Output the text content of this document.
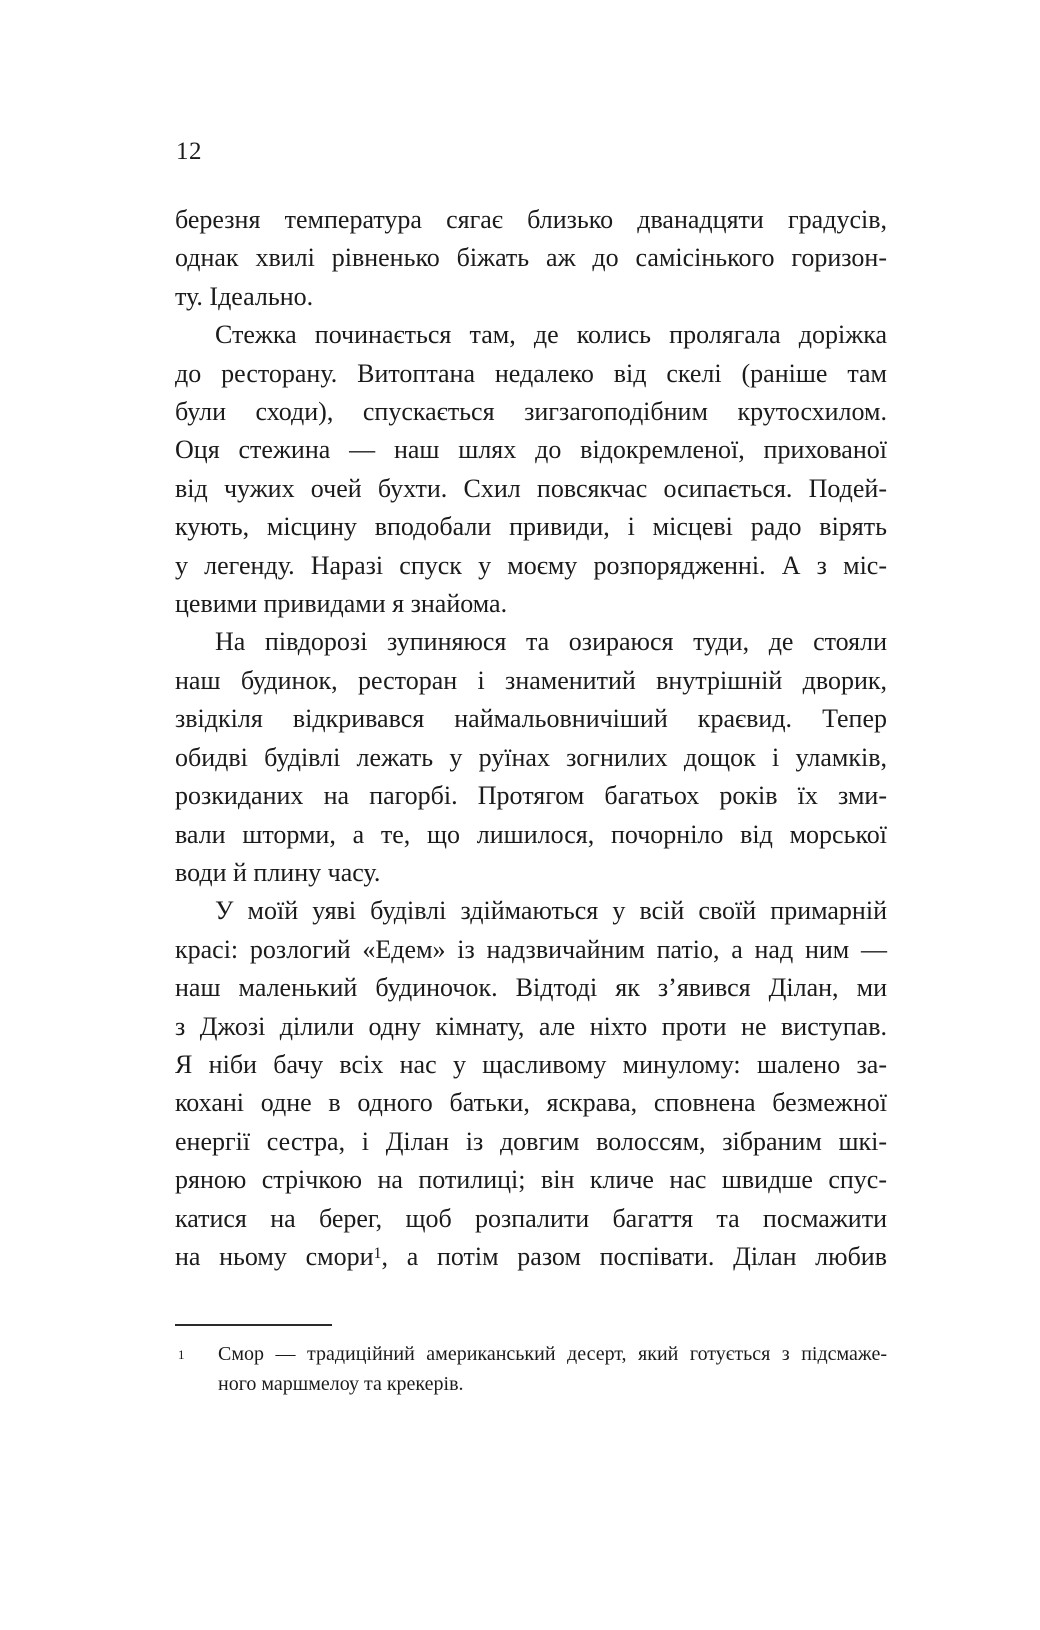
12
березня температура сягає близько дванадцяти градусів,
однак хвилі рівненько біжать аж до самісінького горизон-
ту. Ідеально.
Стежка починається там, де колись пролягала доріжка
до ресторану. Витоптана недалеко від скелі (раніше там
були сходи), спускається зигзагоподібним крутосхилом.
Оця стежина — наш шлях до відокремленої, прихованої
від чужих очей бухти. Схил повсякчас осипається. Подей-
кують, місцину вподобали привиди, і місцеві радо вірять
у легенду. Наразі спуск у моєму розпорядженні. А з міс-
цевими привидами я знайома.
На півдорозі зупиняюся та озираюся туди, де стояли
наш будинок, ресторан і знаменитий внутрішній дворик,
звідкіля відкривався наймальовничіший краєвид. Тепер
обидві будівлі лежать у руїнах зогнилих дощок і уламків,
розкиданих на пагорбі. Протягом багатьох років їх зми-
вали шторми, а те, що лишилося, почорніло від морської
води й плину часу.
У моїй уяві будівлі здіймаються у всій своїй примарній
красі: розлогий «Едем» із надзвичайним патіо, а над ним —
наш маленький будиночок. Відтоді як з’явився Ділан, ми
з Джозі ділили одну кімнату, але ніхто проти не виступав.
Я ніби бачу всіх нас у щасливому минулому: шалено за-
кохані одне в одного батьки, яскрава, сповнена безмежної
енергії сестра, і Ділан із довгим волоссям, зібраним шкі-
ряною стрічкою на потилиці; він кличе нас швидше спус-
катися на берег, щоб розпалити багаття та посмажити
на ньому смори$^1$, а потім разом поспівати. Ділан любив
1 Смор — традиційний американський десерт, який готується з підсмаже-
ного маршмелоу та крекерів.
